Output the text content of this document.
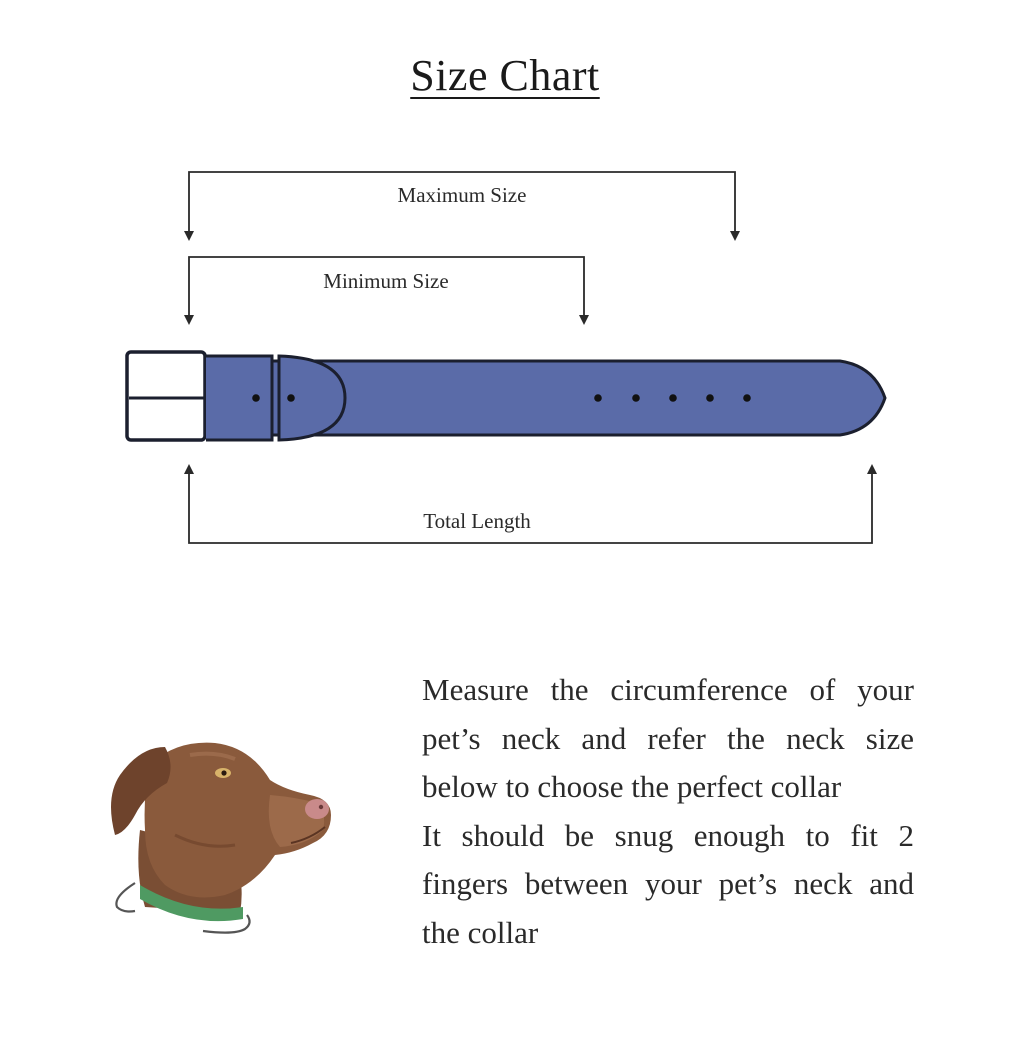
Size Chart
Maximum Size
Minimum Size
Total Length

Measure the circumference of your pet’s neck and refer the neck size below to choose the perfect collar

It should be snug enough to fit 2 fingers between your pet’s neck and the collar
